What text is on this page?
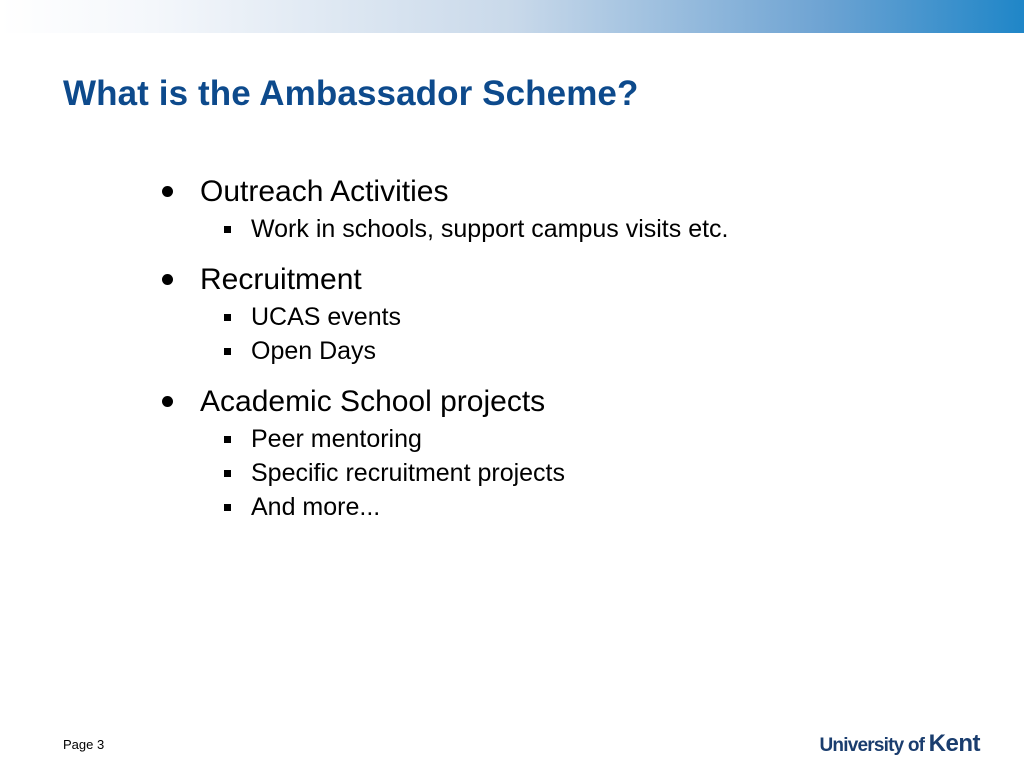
What is the Ambassador Scheme?
Outreach Activities
Work in schools, support campus visits etc.
Recruitment
UCAS events
Open Days
Academic School projects
Peer mentoring
Specific recruitment projects
And more...
Page 3	University of Kent
